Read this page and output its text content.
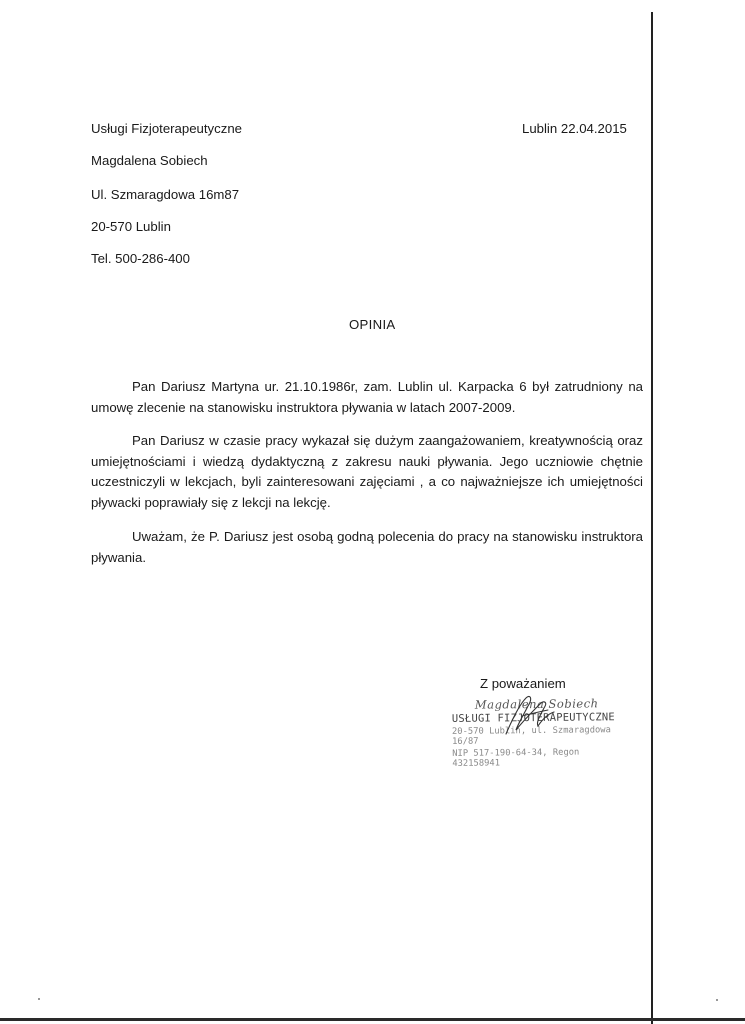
Usługi Fizjoterapeutyczne	Lublin 22.04.2015
Magdalena Sobiech
Ul. Szmaragdowa 16m87
20-570 Lublin
Tel. 500-286-400
OPINIA

Pan Dariusz Martyna ur. 21.10.1986r, zam. Lublin ul. Karpacka 6 był zatrudniony na umowę zlecenie na stanowisku instruktora pływania w latach 2007-2009.

Pan Dariusz w czasie pracy wykazał się dużym zaangażowaniem, kreatywnością oraz umiejętnościami i wiedzą dydaktyczną z zakresu nauki pływania. Jego uczniowie chętnie uczestniczyli w lekcjach, byli zainteresowani zajęciami , a co najważniejsze ich umiejętności pływacki poprawiały się z lekcji na lekcję.

Uważam, że P. Dariusz jest osobą godną polecenia do pracy na stanowisku instruktora pływania.

Z poważaniem
Magdalena Sobiech
USŁUGI FIZJOTERAPEUTYCZNE
20-570 Lublin, ul. Szmaragdowa 16/87
NIP 517-190-64-34, Regon 432158941
